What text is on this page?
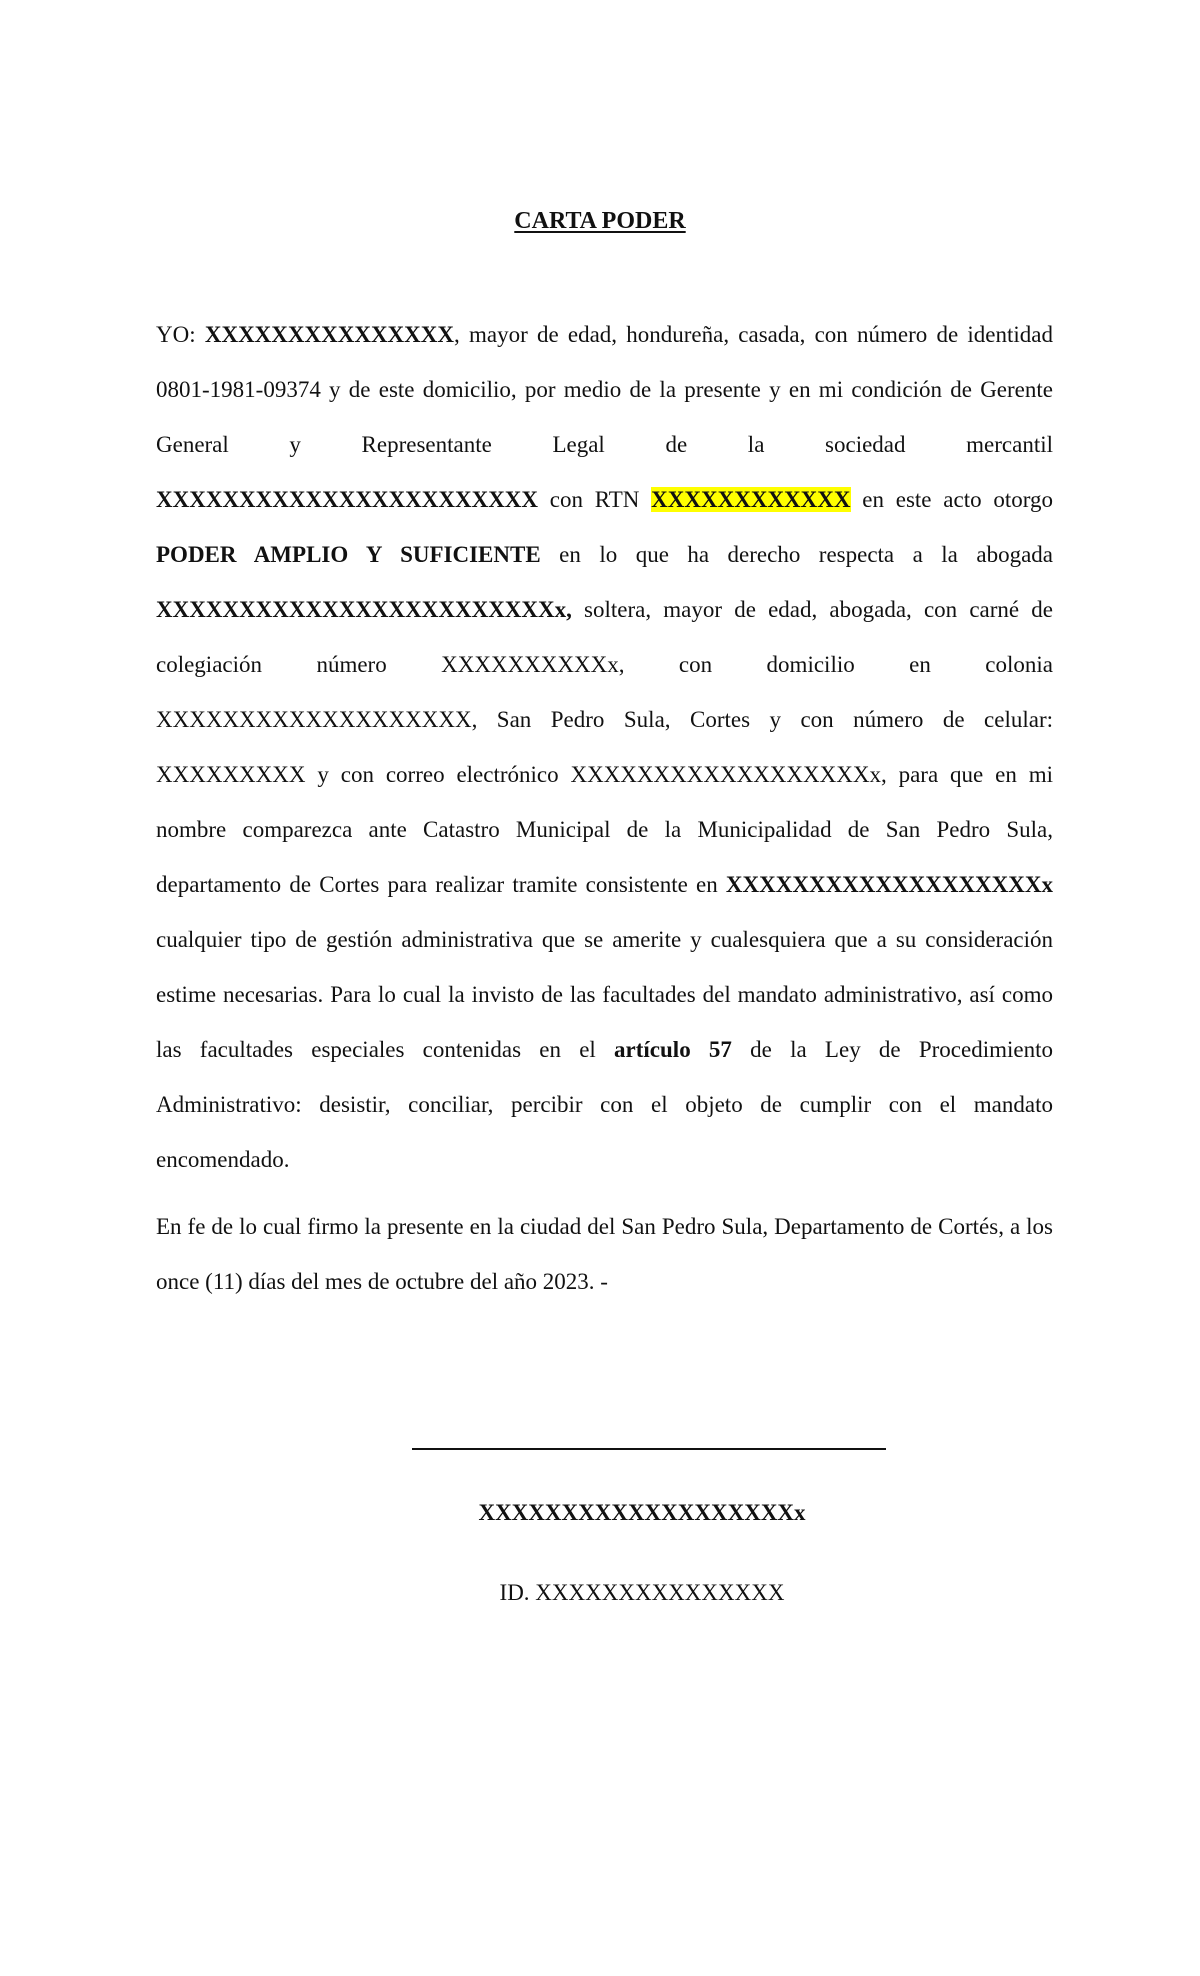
CARTA PODER

YO: XXXXXXXXXXXXXXX, mayor de edad, hondureña, casada, con número de identidad 0801-1981-09374 y de este domicilio, por medio de la presente y en mi condición de Gerente General y Representante Legal de la sociedad mercantil XXXXXXXXXXXXXXXXXXXXXXX con RTN XXXXXXXXXXXX en este acto otorgo PODER AMPLIO Y SUFICIENTE en lo que ha derecho respecta a la abogada XXXXXXXXXXXXXXXXXXXXXXXXx, soltera, mayor de edad, abogada, con carné de colegiación número XXXXXXXXXXx, con domicilio en colonia XXXXXXXXXXXXXXXXXXX, San Pedro Sula, Cortes y con número de celular: XXXXXXXXX y con correo electrónico XXXXXXXXXXXXXXXXXXx, para que en mi nombre comparezca ante Catastro Municipal de la Municipalidad de San Pedro Sula, departamento de Cortes para realizar tramite consistente en XXXXXXXXXXXXXXXXXXXx cualquier tipo de gestión administrativa que se amerite y cualesquiera que a su consideración estime necesarias. Para lo cual la invisto de las facultades del mandato administrativo, así como las facultades especiales contenidas en el artículo 57 de la Ley de Procedimiento Administrativo: desistir, conciliar, percibir con el objeto de cumplir con el mandato encomendado.

En fe de lo cual firmo la presente en la ciudad del San Pedro Sula, Departamento de Cortés, a los once (11) días del mes de octubre del año 2023. -

XXXXXXXXXXXXXXXXXXXx
ID. XXXXXXXXXXXXXXX
